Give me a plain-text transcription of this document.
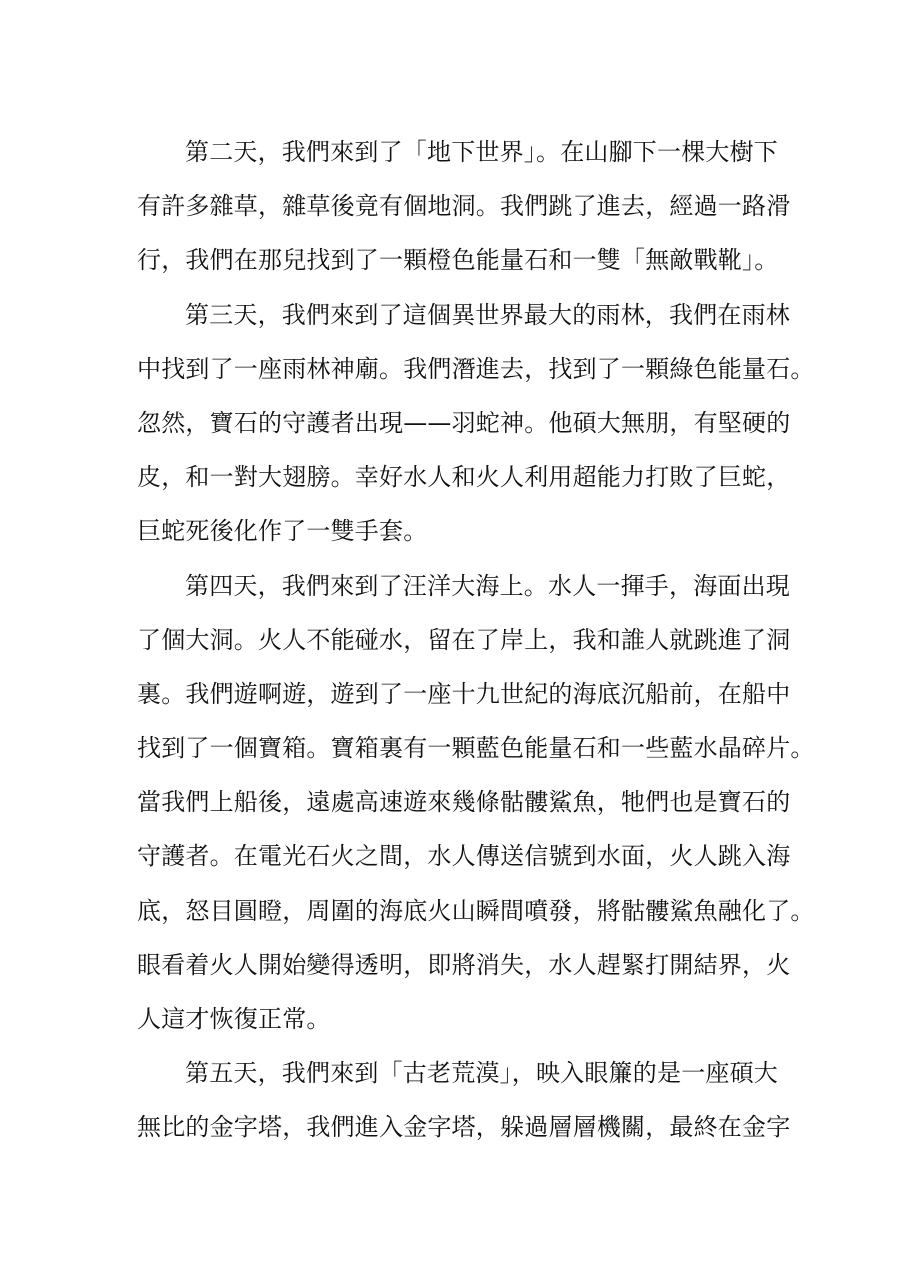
第二天，我們來到了「地下世界」。在山腳下一棵大樹下
有許多雜草，雜草後竟有個地洞。我們跳了進去，經過一路滑
行，我們在那兒找到了一顆橙色能量石和一雙「無敵戰靴」。
第三天，我們來到了這個異世界最大的雨林，我們在雨林
中找到了一座雨林神廟。我們潛進去，找到了一顆綠色能量石。
忽然，寶石的守護者出現——羽蛇神。他碩大無朋，有堅硬的
皮，和一對大翅膀。幸好水人和火人利用超能力打敗了巨蛇，
巨蛇死後化作了一雙手套。
第四天，我們來到了汪洋大海上。水人一揮手，海面出現
了個大洞。火人不能碰水，留在了岸上，我和誰人就跳進了洞
裏。我們遊啊遊，遊到了一座十九世紀的海底沉船前，在船中
找到了一個寶箱。寶箱裏有一顆藍色能量石和一些藍水晶碎片。
當我們上船後，遠處高速遊來幾條骷髏鯊魚，牠們也是寶石的
守護者。在電光石火之間，水人傳送信號到水面，火人跳入海
底，怒目圓瞪，周圍的海底火山瞬間噴發，將骷髏鯊魚融化了。
眼看着火人開始變得透明，即將消失，水人趕緊打開結界，火
人這才恢復正常。
第五天，我們來到「古老荒漠」，映入眼簾的是一座碩大
無比的金字塔，我們進入金字塔，躲過層層機關，最終在金字
